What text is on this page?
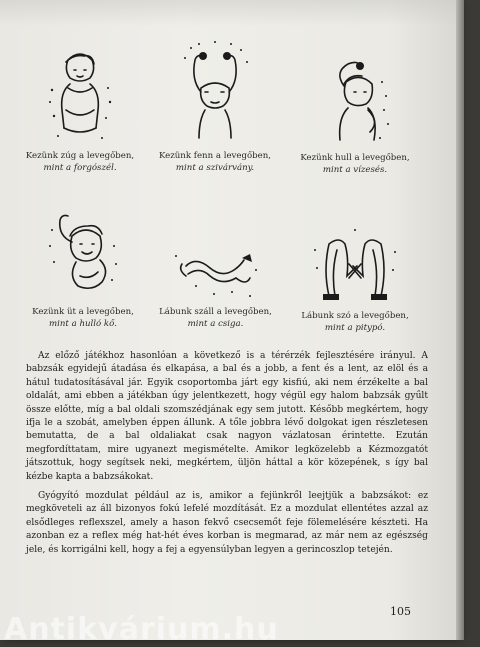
Kezünk zúg a levegőben,
mint a forgószél.
Kezünk fenn a levegőben,
mint a szivárvány.
Kezünk hull a levegőben,
mint a vízesés.
Kezünk üt a levegőben,
mint a hulló kő.
Lábunk száll a levegőben,
mint a csiga.
Lábunk szó a levegőben,
mint a pitypó.

Az előző játékhoz hasonlóan a következő is a térérzék fejlesztésére irányul. A babzsák egyidejű átadása és elkapása, a bal és a jobb, a fent és a lent, az elöl és a hátul tudatosításával jár. Egyik csoportomba járt egy kisfiú, aki nem érzékelte a bal oldalát, ami ebben a játékban úgy jelentkezett, hogy végül egy halom babzsák gyűlt össze előtte, míg a bal oldali szomszédjának egy sem jutott. Később megkértem, hogy ifja le a szobát, amelyben éppen állunk. A tőle jobbra lévő dolgokat igen részletesen bemutatta, de a bal oldaliakat csak nagyon vázlatosan érintette. Ezután megfordíttatam, mire ugyanezt megismételte. Amikor legközelebb a Kézmozgatót játszottuk, hogy segítsek neki, megkértem, üljön háttal a kör közepének, s így bal kézbe kapta a babzsákokat.

Gyógyító mozdulat például az is, amikor a fejünkről leejtjük a babzsákot: ez megköveteli az áll bizonyos fokú lefelé mozdítását. Ez a mozdulat ellentétes azzal az elsődleges reflexszel, amely a hason fekvő csecsemőt feje fölemelésére készteti. Ha azonban ez a reflex még hat-hét éves korban is megmarad, az már nem az egészség jele, és korrigálni kell, hogy a fej a egyensúlyban legyen a gerincoszlop tetején.

105
Antikvárium.hu
